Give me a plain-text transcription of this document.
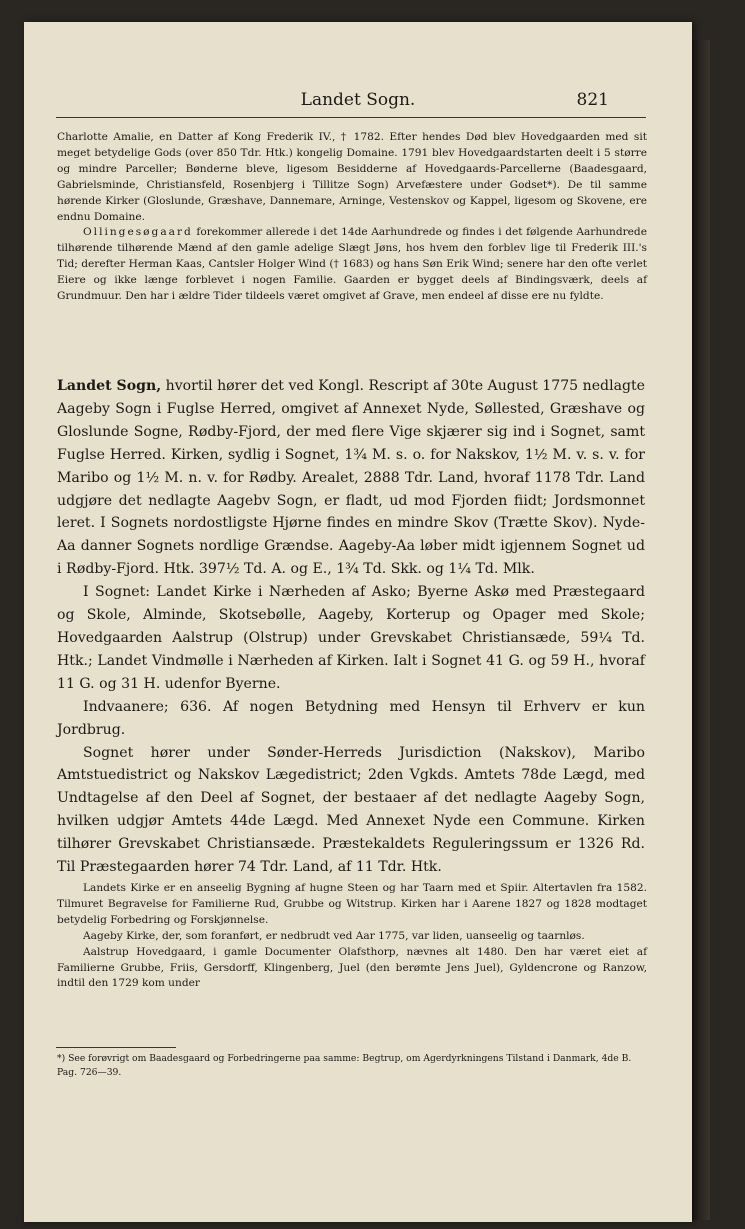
Landet Sogn.	821

Charlotte Amalie, en Datter af Kong Frederik IV., † 1782. Efter hendes Død blev Hovedgaarden med sit meget betydelige Gods (over 850 Tdr. Htk.) kongelig Domaine. 1791 blev Hovedgaardstarten deelt i 5 større og mindre Parceller; Bønderne bleve, ligesom Besidderne af Hovedgaards-Parcellerne (Baadesgaard, Gabrielsminde, Christiansfeld, Rosenbjerg i Tillitze Sogn) Arvefæstere under Godset*). De til samme hørende Kirker (Gloslunde, Græshave, Dannemare, Arninge, Vestenskov og Kappel, ligesom og Skovene, ere endnu Domaine.

Ollingesøgaard forekommer allerede i det 14de Aarhundrede og findes i det følgende Aarhundrede tilhørende tilhørende Mænd af den gamle adelige Slægt Jøns, hos hvem den forblev lige til Frederik III.'s Tid; derefter Herman Kaas, Cantsler Holger Wind († 1683) og hans Søn Erik Wind; senere har den ofte verlet Eiere og ikke længe forblevet i nogen Familie. Gaarden er bygget deels af Bindingsværk, deels af Grundmuur. Den har i ældre Tider tildeels været omgivet af Grave, men endeel af disse ere nu fyldte.

Landet Sogn, hvortil hører det ved Kongl. Rescript af 30te August 1775 nedlagte Aageby Sogn i Fuglse Herred, omgivet af Annexet Nyde, Søllested, Græshave og Gloslunde Sogne, Rødby-Fjord, der med flere Vige skjærer sig ind i Sognet, samt Fuglse Herred. Kirken, sydlig i Sognet, 1¾ M. s. o. for Nakskov, 1½ M. v. s. v. for Maribo og 1½ M. n. v. for Rødby. Arealet, 2888 Tdr. Land, hvoraf 1178 Tdr. Land udgjøre det nedlagte Aagebv Sogn, er fladt, ud mod Fjorden fiidt; Jordsmonnet leret. I Sognets nordostligste Hjørne findes en mindre Skov (Trætte Skov). Nyde-Aa danner Sognets nordlige Grændse. Aageby-Aa løber midt igjennem Sognet ud i Rødby-Fjord. Htk. 397½ Td. A. og E., 1¾ Td. Skk. og 1¼ Td. Mlk.

I Sognet: Landet Kirke i Nærheden af Asko; Byerne Askø med Præstegaard og Skole, Alminde, Skotsebølle, Aageby, Korterup og Opager med Skole; Hovedgaarden Aalstrup (Olstrup) under Grevskabet Christiansæde, 59¼ Td. Htk.; Landet Vindmølle i Nærheden af Kirken. Ialt i Sognet 41 G. og 59 H., hvoraf 11 G. og 31 H. udenfor Byerne.

Indvaanere; 636. Af nogen Betydning med Hensyn til Erhverv er kun Jordbrug.

Sognet hører under Sønder-Herreds Jurisdiction (Nakskov), Maribo Amtstuedistrict og Nakskov Lægedistrict; 2den Vgkds. Amtets 78de Lægd, med Undtagelse af den Deel af Sognet, der bestaaer af det nedlagte Aageby Sogn, hvilken udgjør Amtets 44de Lægd. Med Annexet Nyde een Commune. Kirken tilhører Grevskabet Christiansæde. Præstekaldets Reguleringssum er 1326 Rd. Til Præstegaarden hører 74 Tdr. Land, af 11 Tdr. Htk.

Landets Kirke er en anseelig Bygning af hugne Steen og har Taarn med et Spiir. Altertavlen fra 1582. Tilmuret Begravelse for Familierne Rud, Grubbe og Witstrup. Kirken har i Aarene 1827 og 1828 modtaget betydelig Forbedring og Forskjønnelse.

Aageby Kirke, der, som foranført, er nedbrudt ved Aar 1775, var liden, uanseelig og taarnløs.

Aalstrup Hovedgaard, i gamle Documenter Olafsthorp, nævnes alt 1480. Den har været eiet af Familierne Grubbe, Friis, Gersdorff, Klingenberg, Juel (den berømte Jens Juel), Gyldencrone og Ranzow, indtil den 1729 kom under

*) See forøvrigt om Baadesgaard og Forbedringerne paa samme: Begtrup, om Agerdyrkningens Tilstand i Danmark, 4de B. Pag. 726—39.
